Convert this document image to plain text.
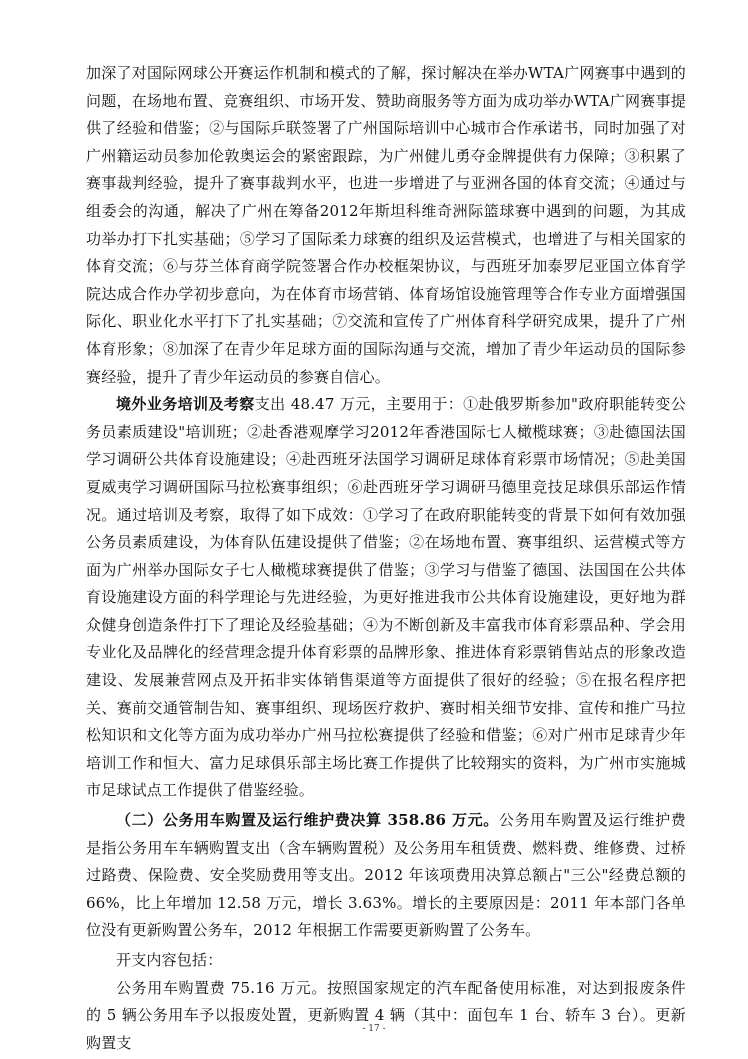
加深了对国际网球公开赛运作机制和模式的了解，探讨解决在举办WTA广网赛事中遇到的问题，在场地布置、竞赛组织、市场开发、赞助商服务等方面为成功举办WTA广网赛事提供了经验和借鉴；②与国际乒联签署了广州国际培训中心城市合作承诺书，同时加强了对广州籍运动员参加伦敦奥运会的紧密跟踪，为广州健儿勇夺金牌提供有力保障；③积累了赛事裁判经验，提升了赛事裁判水平，也进一步增进了与亚洲各国的体育交流；④通过与组委会的沟通，解决了广州在筹备2012年斯坦科维奇洲际篮球赛中遇到的问题，为其成功举办打下扎实基础；⑤学习了国际柔力球赛的组织及运营模式，也增进了与相关国家的体育交流；⑥与芬兰体育商学院签署合作办校框架协议，与西班牙加泰罗尼亚国立体育学院达成合作办学初步意向，为在体育市场营销、体育场馆设施管理等合作专业方面增强国际化、职业化水平打下了扎实基础；⑦交流和宣传了广州体育科学研究成果，提升了广州体育形象；⑧加深了在青少年足球方面的国际沟通与交流，增加了青少年运动员的国际参赛经验，提升了青少年运动员的参赛自信心。

境外业务培训及考察支出 48.47 万元，主要用于：①赴俄罗斯参加"政府职能转变公务员素质建设"培训班；②赴香港观摩学习2012年香港国际七人橄榄球赛；③赴德国法国学习调研公共体育设施建设；④赴西班牙法国学习调研足球体育彩票市场情况；⑤赴美国夏威夷学习调研国际马拉松赛事组织；⑥赴西班牙学习调研马德里竞技足球俱乐部运作情况。通过培训及考察，取得了如下成效：①学习了在政府职能转变的背景下如何有效加强公务员素质建设，为体育队伍建设提供了借鉴；②在场地布置、赛事组织、运营模式等方面为广州举办国际女子七人橄榄球赛提供了借鉴；③学习与借鉴了德国、法国国在公共体育设施建设方面的科学理论与先进经验，为更好推进我市公共体育设施建设，更好地为群众健身创造条件打下了理论及经验基础；④为不断创新及丰富我市体育彩票品种、学会用专业化及品牌化的经营理念提升体育彩票的品牌形象、推进体育彩票销售站点的形象改造建设、发展兼营网点及开拓非实体销售渠道等方面提供了很好的经验；⑤在报名程序把关、赛前交通管制告知、赛事组织、现场医疗救护、赛时相关细节安排、宣传和推广马拉松知识和文化等方面为成功举办广州马拉松赛提供了经验和借鉴；⑥对广州市足球青少年培训工作和恒大、富力足球俱乐部主场比赛工作提供了比较翔实的资料，为广州市实施城市足球试点工作提供了借鉴经验。

（二）公务用车购置及运行维护费决算 358.86 万元。公务用车购置及运行维护费是指公务用车车辆购置支出（含车辆购置税）及公务用车租赁费、燃料费、维修费、过桥过路费、保险费、安全奖励费用等支出。2012 年该项费用决算总额占"三公"经费总额的 66%，比上年增加 12.58 万元，增长 3.63%。增长的主要原因是：2011 年本部门各单位没有更新购置公务车，2012 年根据工作需要更新购置了公务车。

开支内容包括：

公务用车购置费 75.16 万元。按照国家规定的汽车配备使用标准，对达到报废条件的 5 辆公务用车予以报废处置，更新购置 4 辆（其中：面包车 1 台、轿车 3 台）。更新购置支

- 17 -
